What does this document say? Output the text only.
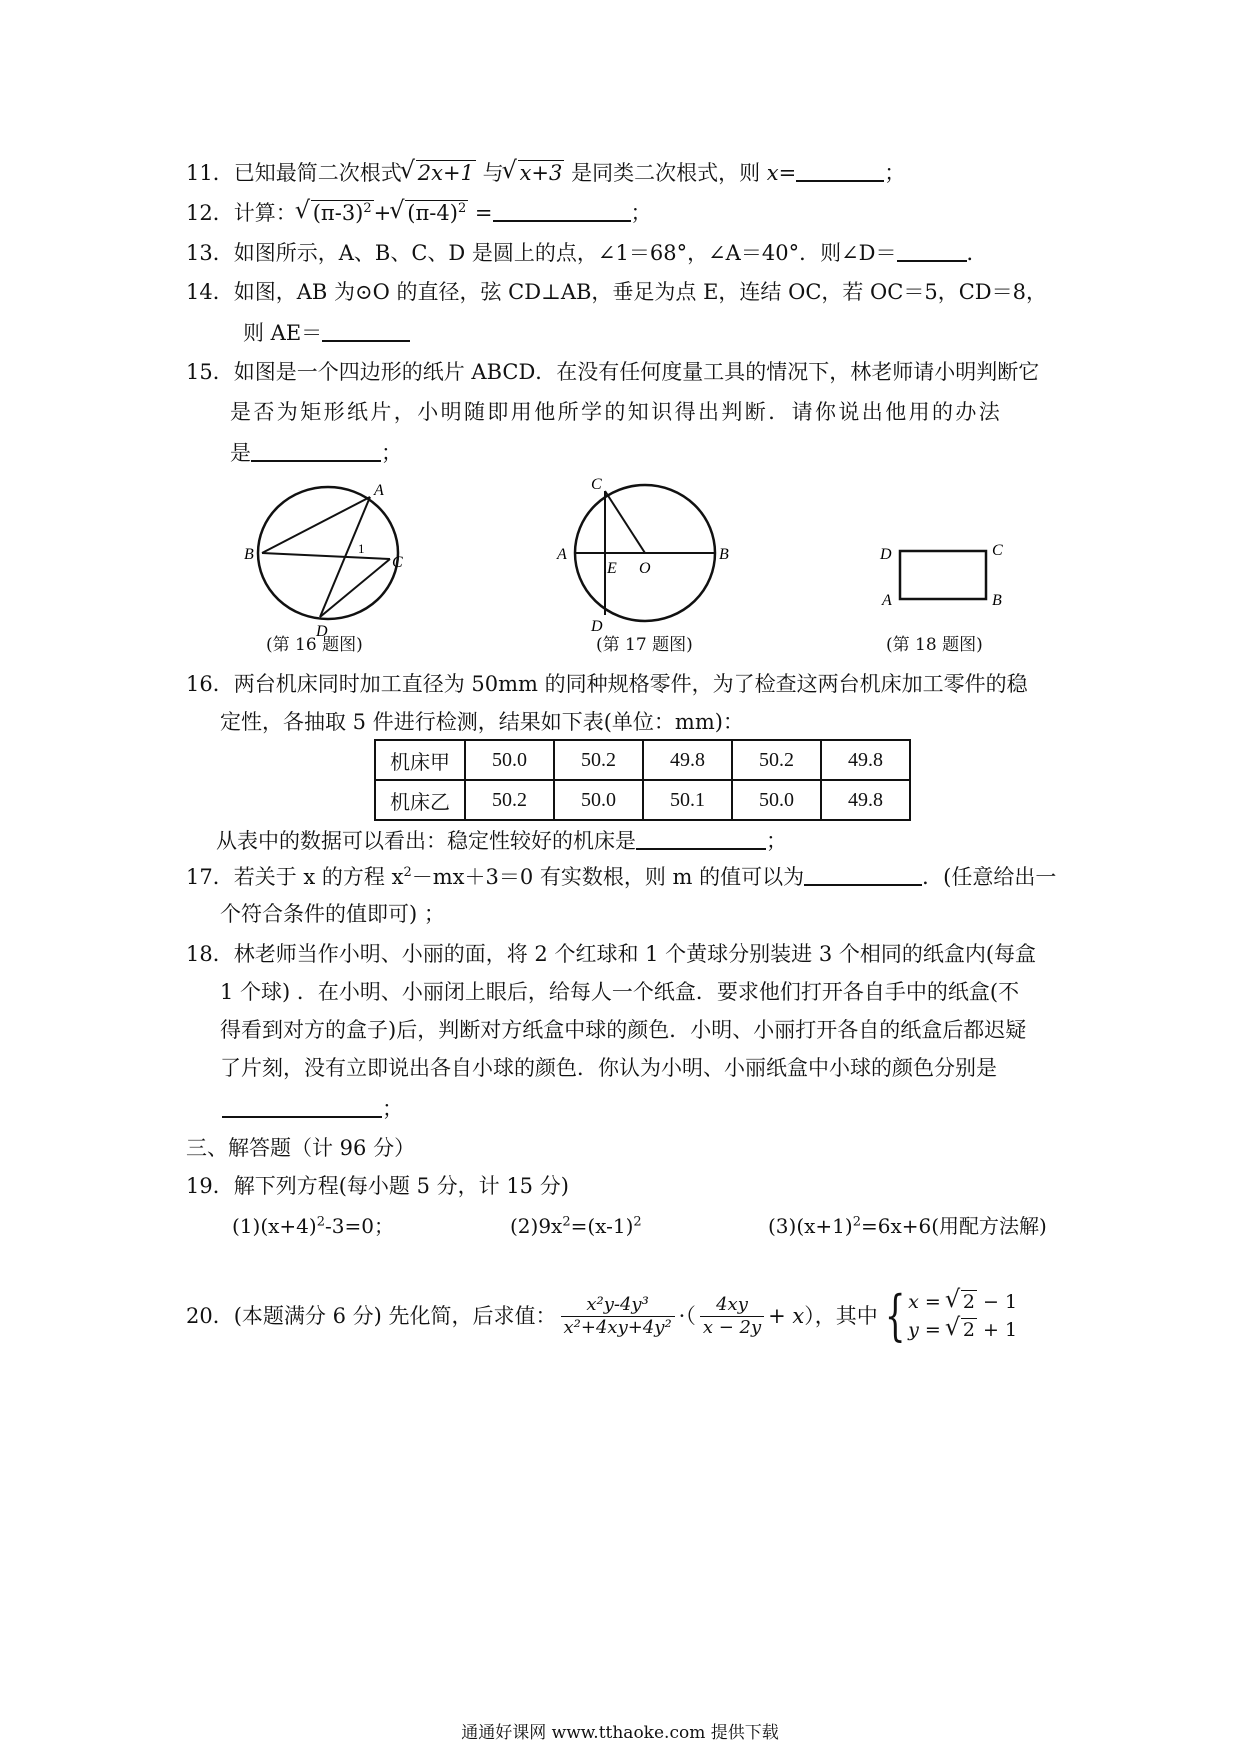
11．已知最简二次根式 √ 2x+1 与 √ x+3 是同类二次根式，则 x=	；
12．计算： √ $(\pi-3)^2+$ √ $(\pi-4)^2$ =	；
13．如图所示，A、B、C、D 是圆上的点，∠1＝68°，∠A＝40°．则∠D＝	．
14．如图，AB 为⊙O 的直径，弦 CD⊥AB，垂足为点 E，连结 OC，若 OC＝5，CD＝8，
则 AE＝
15．如图是一个四边形的纸片 ABCD．在没有任何度量工具的情况下，林老师请小明判断它
是否为矩形纸片，小明随即用他所学的知识得出判断．请你说出他用的办法
是	；
A
B	C
D
1
(第 16 题图)
C
A	B
D
E O
(第 17 题图)
D	C
A	B
(第 18 题图)
16．两台机床同时加工直径为 50mm 的同种规格零件，为了检查这两台机床加工零件的稳
定性，各抽取 5 件进行检测，结果如下表(单位：mm)：
机床甲	50.0	50.2	49.8	50.2	49.8
机床乙	50.2	50.0	50.1	50.0	49.8
从表中的数据可以看出：稳定性较好的机床是	；
17．若关于 x 的方程 $x^2-mx+3=0$ 有实数根，则 m 的值可以为	．(任意给出一
个符合条件的值即可) ；
18．林老师当作小明、小丽的面，将 2 个红球和 1 个黄球分别装进 3 个相同的纸盒内(每盒
1 个球) ．在小明、小丽闭上眼后，给每人一个纸盒．要求他们打开各自手中的纸盒(不
得看到对方的盒子)后，判断对方纸盒中球的颜色．小明、小丽打开各自的纸盒后都迟疑
了片刻，没有立即说出各自小球的颜色．你认为小明、小丽纸盒中小球的颜色分别是
；
三、解答题（计 96 分）
19．解下列方程(每小题 5 分，计 15 分)
$(1)(x+4)^2-3=0$；	$(2)9x^2=(x-1)^2$	$(3)(x+1)^2=6x+6$(用配方法解)
20． (本题满分 6 分) 先化简，后求值： $\frac{\text{x²y-4y³}}{\text{x²+4xy+4y²}}$ ·（ $\frac{4xy}{x - 2y} + x$ ），其中 { x = √ 2 − 1
y = √ 2 + 1
通通好课网 www.tthaoke.com 提供下载
